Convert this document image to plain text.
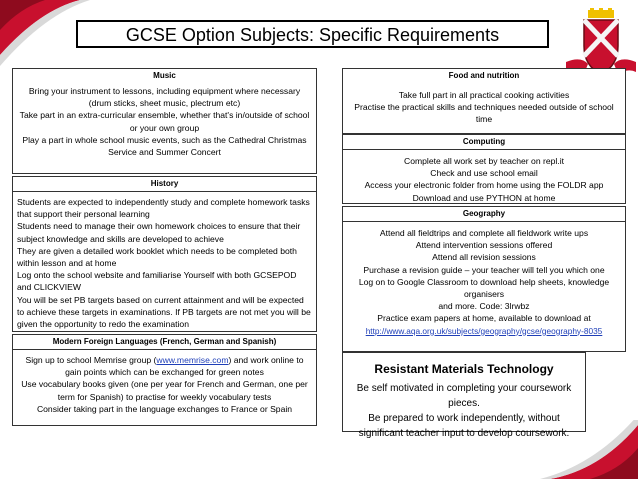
GCSE Option Subjects: Specific Requirements
Music

Bring your instrument to lessons, including equipment where necessary (drum sticks, sheet music, plectrum etc)

Take part in an extra-curricular ensemble, whether that's in/outside of school or your own group

Play a part in whole school music events, such as the Cathedral Christmas Service and Summer Concert

History

Students are expected to independently study and complete homework tasks that support their personal learning

Students need to manage their own homework choices to ensure that their subject knowledge and skills are developed to achieve

They are given a detailed work booklet which needs to be completed both within lesson and at home

Log onto the school website and familiarise Yourself with both GCSEPOD and CLICKVIEW

You will be set PB targets based on current attainment and will be expected to achieve these targets in examinations. If PB targets are not met you will be given the opportunity to redo the examination

Modern Foreign Languages (French, German and Spanish)

Sign up to school Memrise group (www.memrise.com) and work online to gain points which can be exchanged for green notes

Use vocabulary books given (one per year for French and German, one per term for Spanish) to practise for weekly vocabulary tests

Consider taking part in the language exchanges to France or Spain

Food and nutrition

Take full part in all practical cooking activities

Practise the practical skills and techniques needed outside of school time

Computing

Complete all work set by teacher on repl.it

Check and use school email

Access your electronic folder from home using the FOLDR app

Download and use PYTHON at home

Geography

Attend all fieldtrips and complete all fieldwork write ups

Attend intervention sessions offered

Attend all revision sessions

Purchase a revision guide – your teacher will tell you which one

Log on to Google Classroom to download help sheets, knowledge organisers

and more. Code: 3lrwbz

Practice exam papers at home, available to download at

http://www.aqa.org.uk/subjects/geography/gcse/geography-8035

Resistant Materials Technology

Be self motivated in completing your coursework pieces.

Be prepared to work independently, without significant teacher input to develop coursework.
